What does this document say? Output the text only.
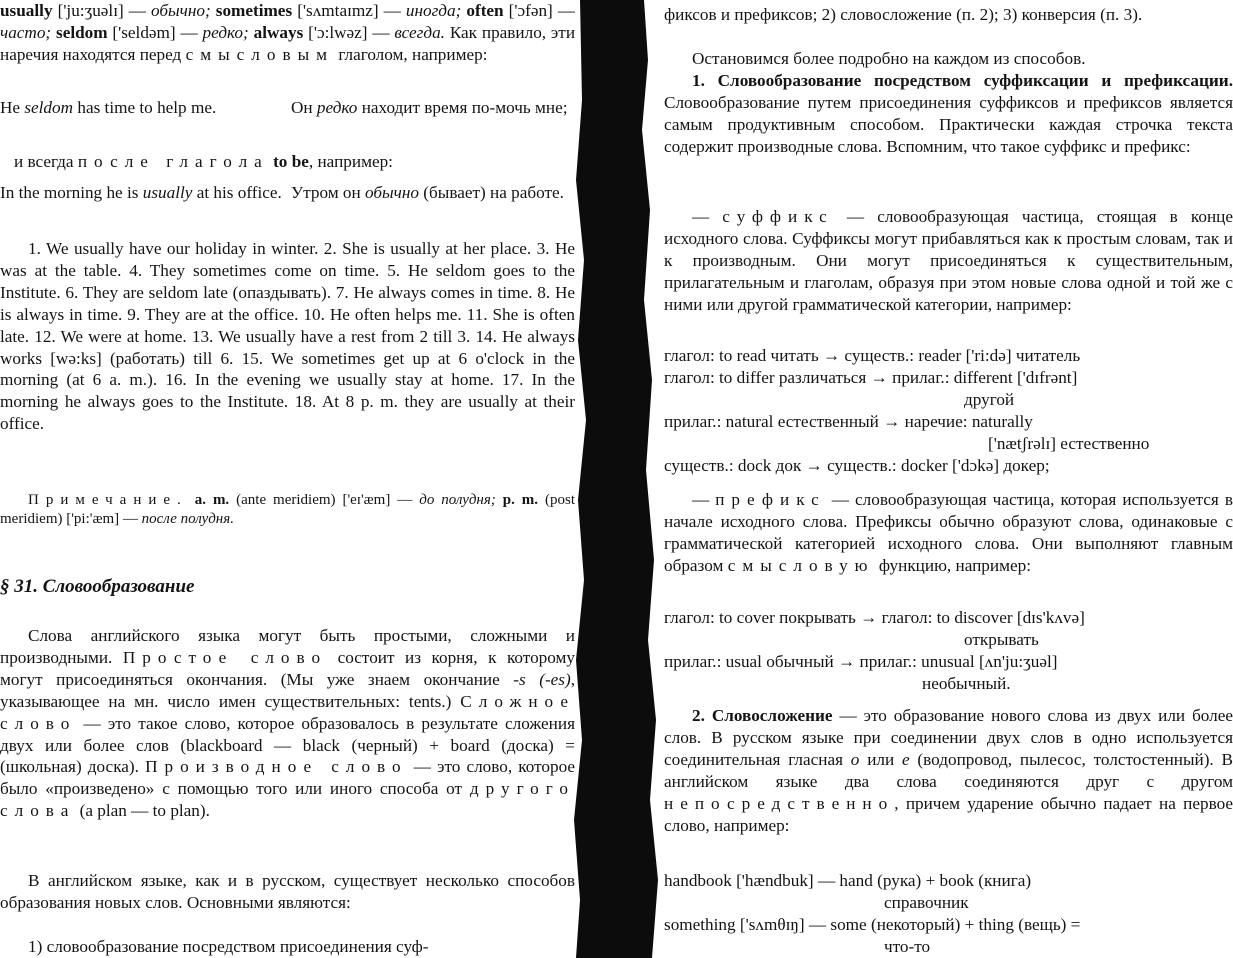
usually ['ju:ʒuəlɪ] — обычно; sometimes ['sʌmtaɪmz] — иногда; often ['ɔfən] — часто; seldom ['seldəm] — редко; always ['ɔ:lwəz] — всегда. Как правило, эти наречия находятся перед смысловым глаголом, например:

He seldom has time to help me.	Он редко находит время по-мочь мне;

и всегда после глагола to be, например:

In the morning he is usually at his office. Утром он обычно (бывает) на работе.

1. We usually have our holiday in winter. 2. She is usually at her place. 3. He was at the table. 4. They sometimes come on time. 5. He seldom goes to the Institute. 6. They are seldom late (опаздывать). 7. He always comes in time. 8. He is always in time. 9. They are at the office. 10. He often helps me. 11. She is often late. 12. We were at home. 13. We usually have a rest from 2 till 3. 14. He always works [wə:ks] (работать) till 6. 15. We sometimes get up at 6 o'clock in the morning (at 6 a. m.). 16. In the evening we usually stay at home. 17. In the morning he always goes to the Institute. 18. At 8 p. m. they are usually at their office.

Примечание. a. m. (ante meridiem) ['eɪ'æm] — до полудня; p. m. (post meridiem) ['pi:'æm] — после полудня.

§ 31. Словообразование

Слова английского языка могут быть простыми, сложными и производными. Простое слово состоит из корня, к которому могут присоединяться окончания. (Мы уже знаем окончание -s (-es), указывающее на мн. число имен существительных: tents.) Сложное слово — это такое слово, которое образовалось в результате сложения двух или более слов (blackboard — black (черный) + board (доска) = (школьная) доска). Производное слово — это слово, которое было «произведено» с помощью того или иного способа от другого слова (a plan — to plan).

В английском языке, как и в русском, существует несколько способов образования новых слов. Основными являются:

1) словообразование посредством присоединения суф-

фиксов и префиксов; 2) словосложение (п. 2); 3) конверсия (п. 3).

Остановимся более подробно на каждом из способов.

1. Словообразование посредством суффиксации и префиксации. Словообразование путем присоединения суффиксов и префиксов является самым продуктивным способом. Практически каждая строчка текста содержит производные слова. Вспомним, что такое суффикс и префикс:

— суффикс — словообразующая частица, стоящая в конце исходного слова. Суффиксы могут прибавляться как к простым словам, так и к производным. Они могут присоединяться к существительным, прилагательным и глаголам, образуя при этом новые слова одной и той же с ними или другой грамматической категории, например:

глагол: to read читать → существ.: reader ['ri:də] читатель
глагол: to differ различаться → прилаг.: different ['dɪfrənt]
другой
прилаг.: natural естественный → наречие: naturally
['nætʃrəlɪ] естественно
существ.: dock док → существ.: docker ['dɔkə] докер;

— префикс — словообразующая частица, которая используется в начале исходного слова. Префиксы обычно образуют слова, одинаковые с грамматической категорией исходного слова. Они выполняют главным образом смысловую функцию, например:

глагол: to cover покрывать → глагол: to discover [dɪs'kʌvə]
открывать
прилаг.: usual обычный → прилаг.: unusual [ʌn'ju:ʒuəl]
необычный.

2. Словосложение — это образование нового слова из двух или более слов. В русском языке при соединении двух слов в одно используется соединительная гласная о или е (водопровод, пылесос, толстостенный). В английском языке два слова соединяются друг с другом непосредственно, причем ударение обычно падает на первое слово, например:

handbook ['hændbuk] — hand (рука) + book (книга)
справочник
something ['sʌmθɪŋ] — some (некоторый) + thing (вещь) =
что-то
